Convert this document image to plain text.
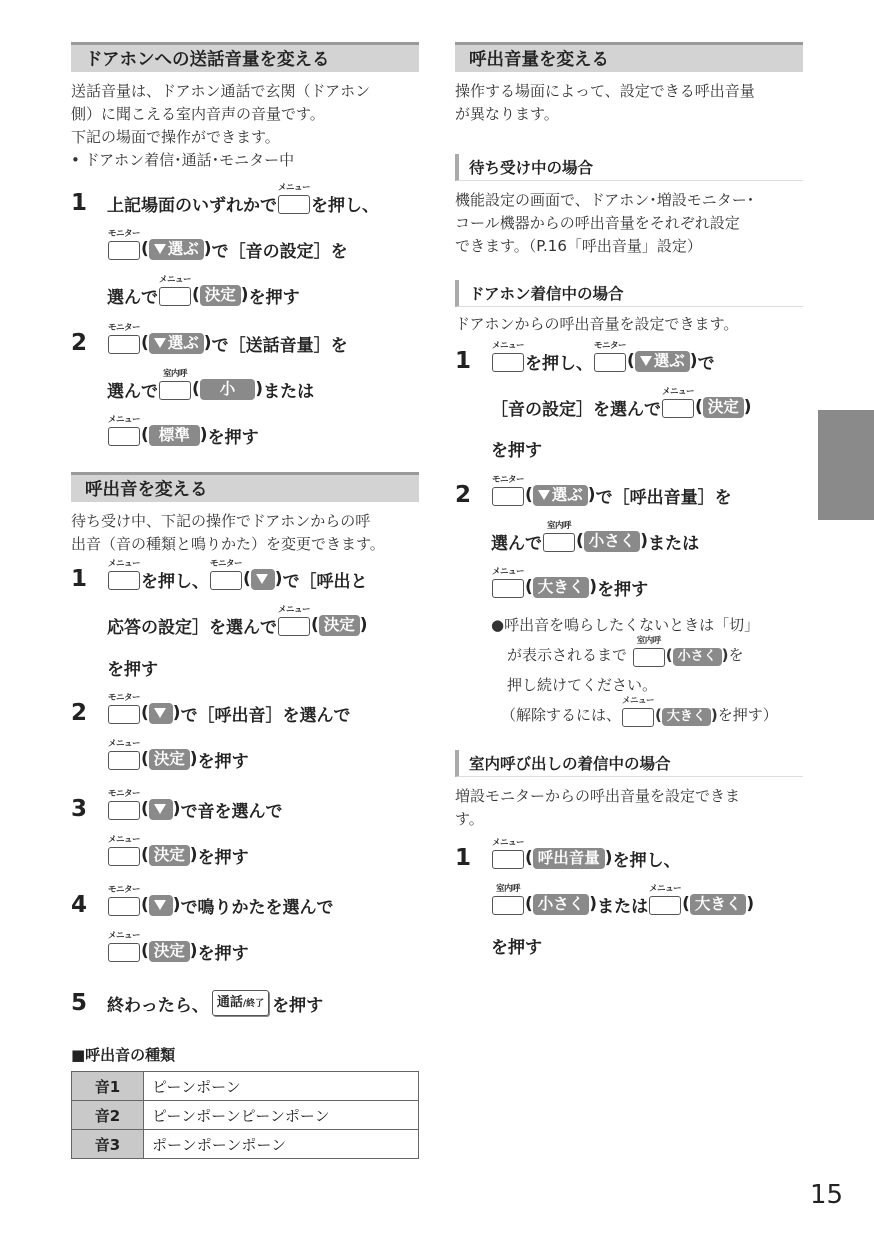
ドアホンへの送話音量を変える
送話音量は、ドアホン通話で玄関（ドアホン
側）に聞こえる室内音声の音量です。
下記の場面で操作ができます。
• ドアホン着信･通話･モニター中
1	上記場面のいずれかで
メニュー
を押し、
モニター
(	選ぶ ) で［音の設定］を
選んで
メニュー
( 決定 ) を押す
2
モニター
(	選ぶ ) で［送話音量］を
選んで
室内呼
(	小	) または
メニュー
( 標準 ) を押す
呼出音を変える
待ち受け中、下記の操作でドアホンからの呼
出音（音の種類と鳴りかた）を変更できます。
1
メニュー
を押し、
モニター
( ) で［呼出と
応答の設定］を選んで
メニュー
( 決定 )
を押す
2
モニター
( ) で［呼出音］を選んで
メニュー
( 決定 ) を押す
3
モニター
( ) で音を選んで
メニュー
( 決定 ) を押す
4
モニター
( ) で鳴りかたを選んで
メニュー
( 決定 ) を押す
5	終わったら、 通話/終了 を押す
■呼出音の種類
音1	ピーンポーン
音2	ピーンポーンピーンポーン
音3	ポーンポーンポーン
呼出音量を変える
操作する場面によって、設定できる呼出音量
が異なります。
待ち受け中の場合
機能設定の画面で、ドアホン･増設モニター･
コール機器からの呼出音量をそれぞれ設定
できます。（P.16「呼出音量」設定）
ドアホン着信中の場合
ドアホンからの呼出音量を設定できます。
1
メニュー
を押し、
モニター
(	選ぶ ) で
［音の設定］を選んで
メニュー
( 決定 )
を押す
2
モニター
(	選ぶ ) で［呼出音量］を
選んで
室内呼
( 小さく ) または
メニュー
( 大きく ) を押す
●呼出音を鳴らしたくないときは「切」
が表示されるまで
室内呼
( 小さく )を
押し続けてください。
（解除するには、
メニュー
( 大きく )を押す）
室内呼び出しの着信中の場合
増設モニターからの呼出音量を設定できま
す。
1
メニュー
( 呼出音量 ) を押し、
室内呼
( 小さく ) または
メニュー
( 大きく )
を押す
15
